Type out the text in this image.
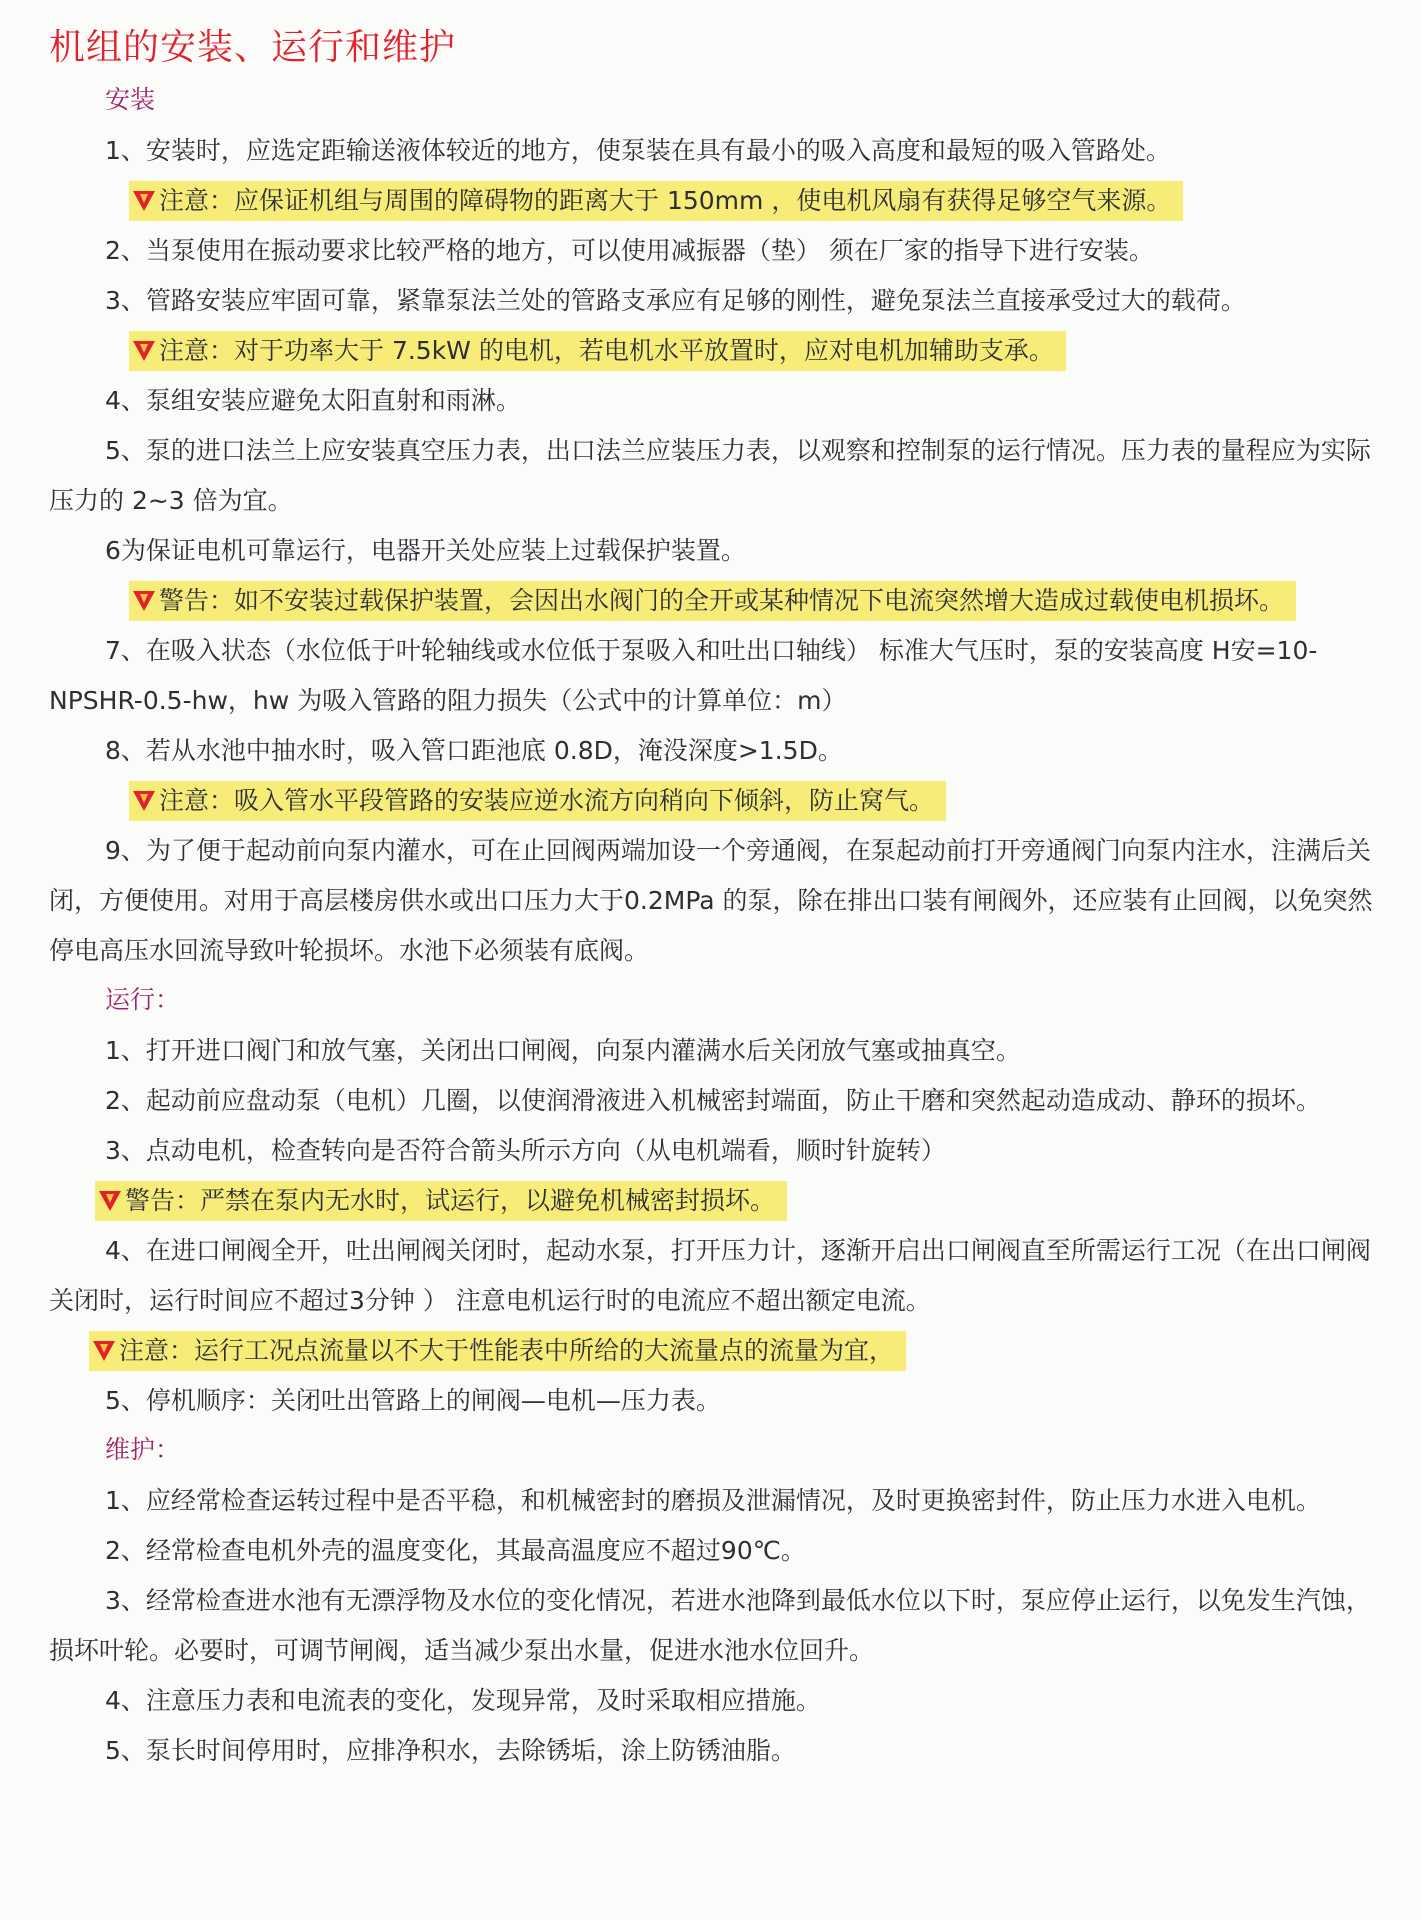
机组的安装、运行和维护
安装

1、安装时，应选定距输送液体较近的地方，使泵装在具有最小的吸入高度和最短的吸入管路处。

注意：应保证机组与周围的障碍物的距离大于 150mm ，使电机风扇有获得足够空气来源。

2、当泵使用在振动要求比较严格的地方，可以使用减振器（垫） 须在厂家的指导下进行安装。

3、管路安装应牢固可靠，紧靠泵法兰处的管路支承应有足够的刚性，避免泵法兰直接承受过大的载荷。

注意：对于功率大于 7.5kW 的电机，若电机水平放置时，应对电机加辅助支承。

4、泵组安装应避免太阳直射和雨淋。

5、泵的进口法兰上应安装真空压力表，出口法兰应装压力表，以观察和控制泵的运行情况。压力表的量程应为实际压力的 2~3 倍为宜。

6为保证电机可靠运行，电器开关处应装上过载保护装置。

警告：如不安装过载保护装置，会因出水阀门的全开或某种情况下电流突然增大造成过载使电机损坏。

7、在吸入状态（水位低于叶轮轴线或水位低于泵吸入和吐出口轴线） 标准大气压时，泵的安装高度 H安=10-NPSHR-0.5-hw，hw 为吸入管路的阻力损失（公式中的计算单位：m）

8、若从水池中抽水时，吸入管口距池底 0.8D，淹没深度>1.5D。

注意：吸入管水平段管路的安装应逆水流方向稍向下倾斜，防止窝气。

9、为了便于起动前向泵内灌水，可在止回阀两端加设一个旁通阀，在泵起动前打开旁通阀门向泵内注水，注满后关闭，方便使用。对用于高层楼房供水或出口压力大于0.2MPa 的泵，除在排出口装有闸阀外，还应装有止回阀，以免突然停电高压水回流导致叶轮损坏。水池下必须装有底阀。

运行：

1、打开进口阀门和放气塞，关闭出口闸阀，向泵内灌满水后关闭放气塞或抽真空。

2、起动前应盘动泵（电机）几圈，以使润滑液进入机械密封端面，防止干磨和突然起动造成动、静环的损坏。

3、点动电机，检查转向是否符合箭头所示方向（从电机端看，顺时针旋转）

警告：严禁在泵内无水时，试运行，以避免机械密封损坏。

4、在进口闸阀全开，吐出闸阀关闭时，起动水泵，打开压力计，逐渐开启出口闸阀直至所需运行工况（在出口闸阀关闭时，运行时间应不超过3分钟 ） 注意电机运行时的电流应不超出额定电流。

注意：运行工况点流量以不大于性能表中所给的大流量点的流量为宜，

5、停机顺序：关闭吐出管路上的闸阀—电机—压力表。

维护：

1、应经常检查运转过程中是否平稳，和机械密封的磨损及泄漏情况，及时更换密封件，防止压力水进入电机。

2、经常检查电机外壳的温度变化，其最高温度应不超过90℃。

3、经常检查进水池有无漂浮物及水位的变化情况，若进水池降到最低水位以下时，泵应停止运行，以免发生汽蚀，损坏叶轮。必要时，可调节闸阀，适当减少泵出水量，促进水池水位回升。

4、注意压力表和电流表的变化，发现异常，及时采取相应措施。

5、泵长时间停用时，应排净积水，去除锈垢，涂上防锈油脂。
